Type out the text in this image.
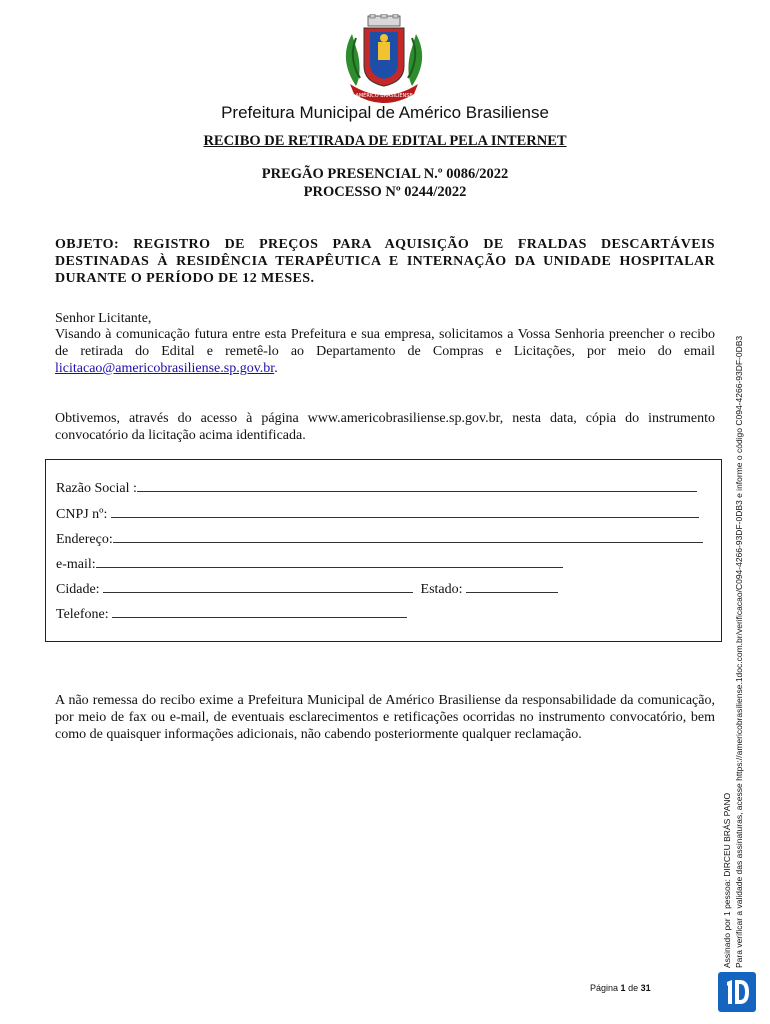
AMÉRICO BRASILIENSE
Prefeitura Municipal de Américo Brasiliense
RECIBO DE RETIRADA DE EDITAL PELA INTERNET
PREGÃO PRESENCIAL N.º 0086/2022
PROCESSO Nº 0244/2022
OBJETO: REGISTRO DE PREÇOS PARA AQUISIÇÃO DE FRALDAS DESCARTÁVEIS DESTINADAS À RESIDÊNCIA TERAPÊUTICA E INTERNAÇÃO DA UNIDADE HOSPITALAR DURANTE O PERÍODO DE 12 MESES.
Senhor Licitante,
Visando à comunicação futura entre esta Prefeitura e sua empresa, solicitamos a Vossa Senhoria preencher o recibo de retirada do Edital e remetê-lo ao Departamento de Compras e Licitações, por meio do email licitacao@americobrasiliense.sp.gov.br.
Obtivemos, através do acesso à página www.americobrasiliense.sp.gov.br, nesta data, cópia do instrumento convocatório da licitação acima identificada.
Razão Social :
CNPJ nº:
Endereço:
e-mail:
Cidade:	Estado:
Telefone:
A não remessa do recibo exime a Prefeitura Municipal de Américo Brasiliense da responsabilidade da comunicação, por meio de fax ou e-mail, de eventuais esclarecimentos e retificações ocorridas no instrumento convocatório, bem como de quaisquer informações adicionais, não cabendo posteriormente qualquer reclamação.
Assinado por 1 pessoa: DIRCEU BRÁS PANO Para verificar a validade das assinaturas, acesse https://americobrasiliense.1doc.com.br/verificacao/C094-4266-93DF-0DB3 e informe o código C094-4266-93DF-0DB3
Página 1 de 31
